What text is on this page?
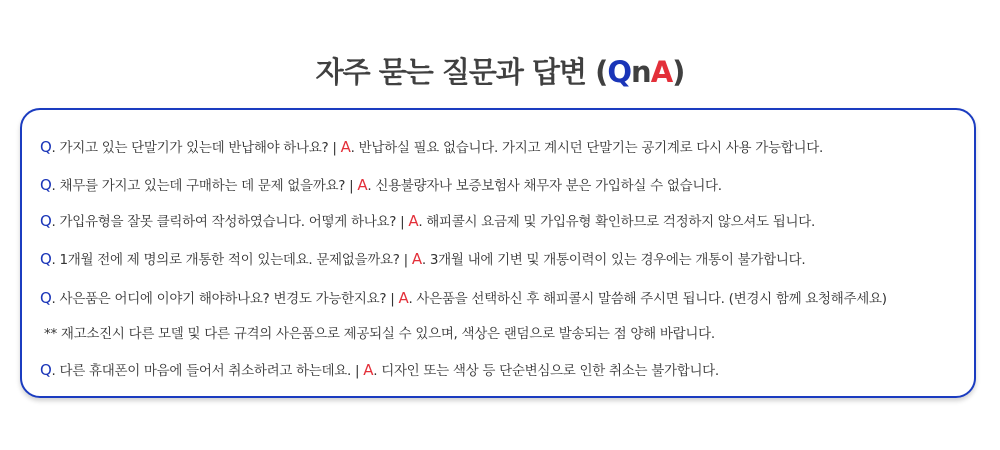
자주 묻는 질문과 답변 (QnA)
Q. 가지고 있는 단말기가 있는데 반납해야 하나요? | A. 반납하실 필요 없습니다. 가지고 계시던 단말기는 공기계로 다시 사용 가능합니다.
Q. 채무를 가지고 있는데 구매하는 데 문제 없을까요? | A. 신용불량자나 보증보험사 채무자 분은 가입하실 수 없습니다.
Q. 가입유형을 잘못 클릭하여 작성하였습니다. 어떻게 하나요? | A. 해피콜시 요금제 및 가입유형 확인하므로 걱정하지 않으셔도 됩니다.
Q. 1개월 전에 제 명의로 개통한 적이 있는데요. 문제없을까요? | A. 3개월 내에 기변 및 개통이력이 있는 경우에는 개통이 불가합니다.
Q. 사은품은 어디에 이야기 해야하나요? 변경도 가능한지요? | A. 사은품을 선택하신 후 해피콜시 말씀해 주시면 됩니다. (변경시 함께 요청해주세요)
** 재고소진시 다른 모델 및 다른 규격의 사은품으로 제공되실 수 있으며, 색상은 랜덤으로 발송되는 점 양해 바랍니다.
Q. 다른 휴대폰이 마음에 들어서 취소하려고 하는데요. | A. 디자인 또는 색상 등 단순변심으로 인한 취소는 불가합니다.
